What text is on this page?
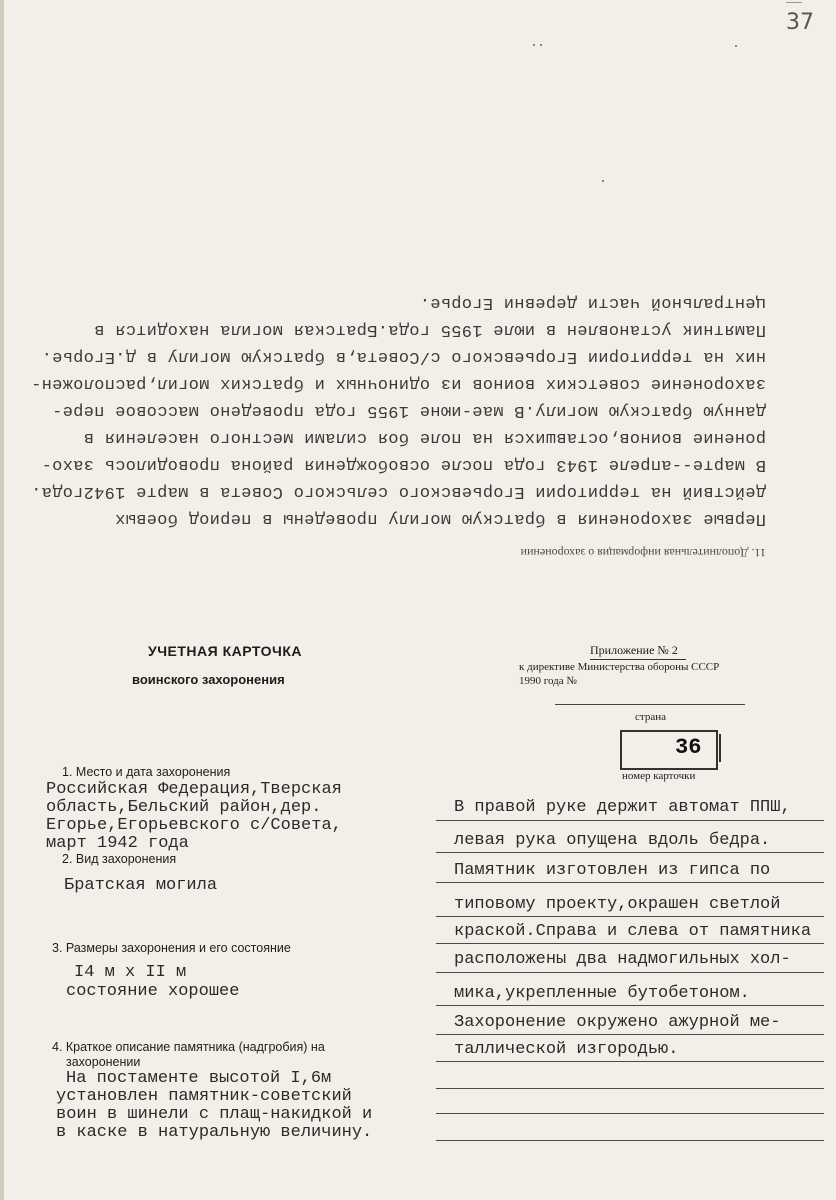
37
11. Дополнительная информация о захоронении
Первые захоронения в братскую могилу проведены в период боевых
действий на территории Егорьевского сельского Совета в марте 1942года.
В марте--апреле 1943 года после освобождения района проводилось захо-
ронение воинов,оставшихся на поле боя силами местного населения в
данную братскую могилу.В мае-июне 1955 года проведено массовое пере-
захоронение советских воинов из одиночных и братских могил,расположен-
них на территории Егорьевского с/Совета,в братскую могилу в д.Егорье.
Памятник установлен в июле 1955 года.Братская могила находится в
центральной части деревни Егорье.
УЧЕТНАЯ КАРТОЧКА
воинского захоронения
Приложение № 2
к директиве Министерства обороны СССР
1990 года №
страна
36
номер карточки
1. Место и дата захоронения
Российская Федерация,Тверская
область,Бельский район,дер.
Егорье,Егорьевского с/Совета,
март 1942 года
2. Вид захоронения
Братская могила
3. Размеры захоронения и его состояние
I4 м х II м
состояние хорошее
4. Краткое описание памятника (надгробия) на
захоронении
На постаменте высотой I,6м
установлен памятник-советский
воин в шинели с плащ-накидкой и
в каске в натуральную величину.
В правой руке держит автомат ППШ,
левая рука опущена вдоль бедра.
Памятник изготовлен из гипса по
типовому проекту,окрашен светлой
краской.Справа и слева от памятника
расположены два надмогильных хол-
мика,укрепленные бутобетоном.
Захоронение окружено ажурной ме-
таллической изгородью.
